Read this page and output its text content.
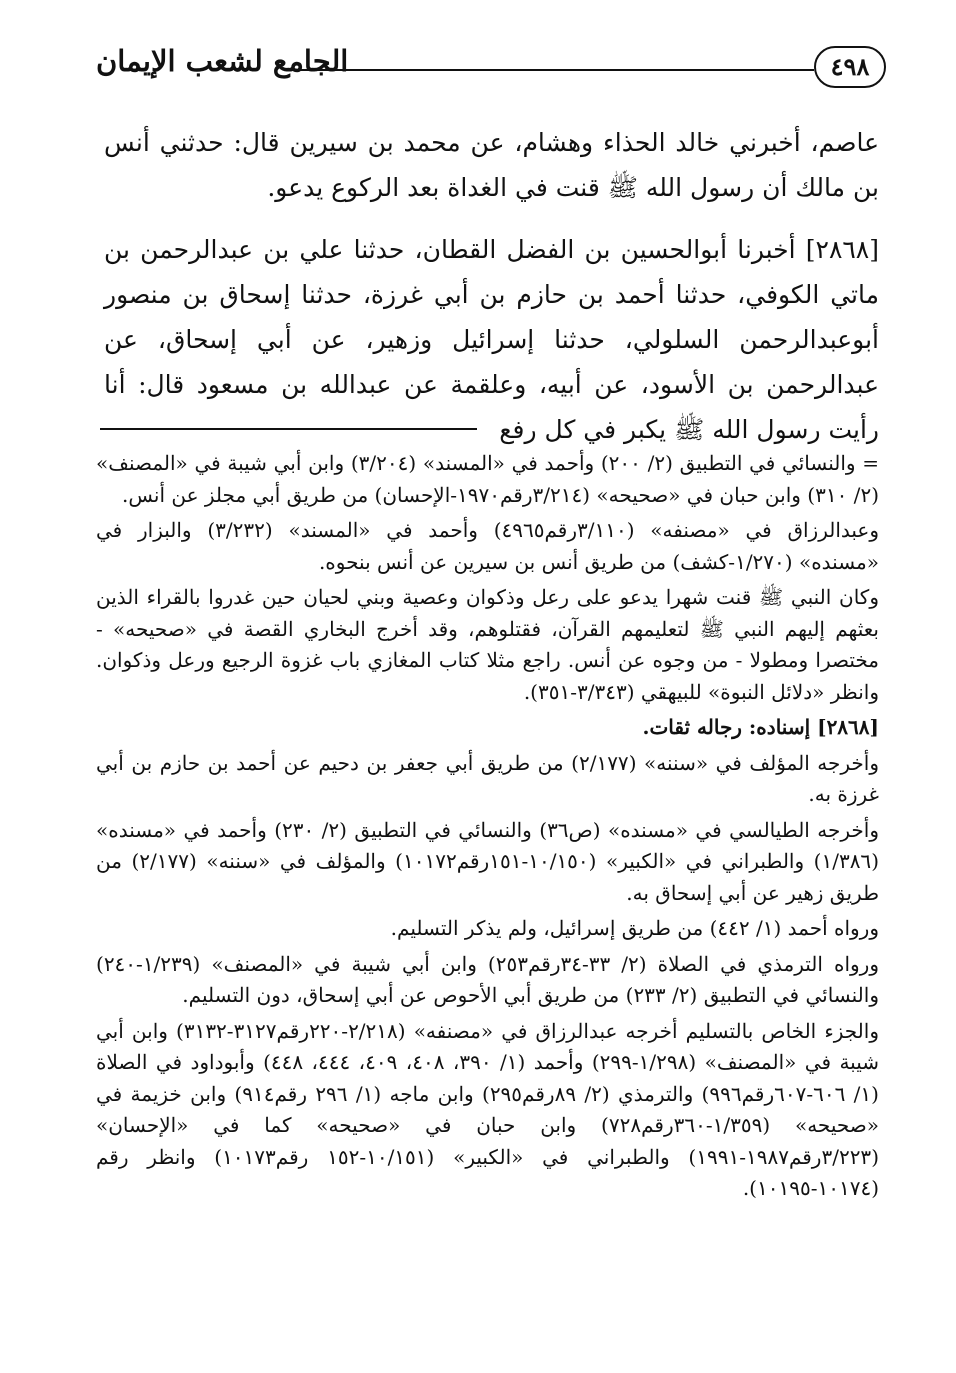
٤٩٨
الجامع لشعب الإيمان

عاصم، أخبرني خالد الحذاء وهشام، عن محمد بن سيرين قال: حدثني أنس بن مالك أن رسول الله ﷺ قنت في الغداة بعد الركوع يدعو.

[٢٨٦٨] أخبرنا أبوالحسين بن الفضل القطان، حدثنا علي بن عبدالرحمن بن ماتي الكوفي، حدثنا أحمد بن حازم بن أبي غرزة، حدثنا إسحاق بن منصور أبوعبدالرحمن السلولي، حدثنا إسرائيل وزهير، عن أبي إسحاق، عن عبدالرحمن بن الأسود، عن أبيه، وعلقمة عن عبدالله بن مسعود قال: أنا رأيت رسول الله ﷺ يكبر في كل رفع

= والنسائي في التطبيق (٢/ ٢٠٠) وأحمد في «المسند» (٣/٢٠٤) وابن أبي شيبة في «المصنف» (٢/ ٣١٠) وابن حبان في «صحيحه» (٣/٢١٤رقم١٩٧٠-الإحسان) من طريق أبي مجلز عن أنس.

وعبدالرزاق في «مصنفه» (٣/١١٠رقم٤٩٦٥) وأحمد في «المسند» (٣/٢٣٢) والبزار في «مسنده» (١/٢٧٠-كشف) من طريق أنس بن سيرين عن أنس بنحوه.

وكان النبي ﷺ قنت شهرا يدعو على رعل وذكوان وعصية وبني لحيان حين غدروا بالقراء الذين بعثهم إليهم النبي ﷺ لتعليمهم القرآن، فقتلوهم، وقد أخرج البخاري القصة في «صحيحه» - مختصرا ومطولا - من وجوه عن أنس. راجع مثلا كتاب المغازي باب غزوة الرجيع ورعل وذكوان. وانظر «دلائل النبوة» للبيهقي (٣/٣٤٣-٣٥١).

[٢٨٦٨] إسناده: رجاله ثقات.

وأخرجه المؤلف في «سننه» (٢/١٧٧) من طريق أبي جعفر بن دحيم عن أحمد بن حازم بن أبي غرزة به.

وأخرجه الطيالسي في «مسنده» (ص٣٦) والنسائي في التطبيق (٢/ ٢٣٠) وأحمد في «مسنده» (١/٣٨٦) والطبراني في «الكبير» (١٠/١٥٠-١٥١رقم١٠١٧٢) والمؤلف في «سننه» (٢/١٧٧) من طريق زهير عن أبي إسحاق به.

ورواه أحمد (١/ ٤٤٢) من طريق إسرائيل، ولم يذكر التسليم.

ورواه الترمذي في الصلاة (٢/ ٣٣-٣٤رقم٢٥٣) وابن أبي شيبة في «المصنف» (١/٢٣٩-٢٤٠) والنسائي في التطبيق (٢/ ٢٣٣) من طريق أبي الأحوص عن أبي إسحاق، دون التسليم.

والجزء الخاص بالتسليم أخرجه عبدالرزاق في «مصنفه» (٢/٢١٨-٢٢٠رقم٣١٢٧-٣١٣٢) وابن أبي شيبة في «المصنف» (١/٢٩٨-٢٩٩) وأحمد (١/ ٣٩٠، ٤٠٨، ٤٠٩، ٤٤٤، ٤٤٨) وأبوداود في الصلاة (١/ ٦٠٦-٦٠٧رقم٩٩٦) والترمذي (٢/ ٨٩رقم٢٩٥) وابن ماجه (١/ ٢٩٦ رقم٩١٤) وابن خزيمة في «صحيحه» (١/٣٥٩-٣٦٠رقم٧٢٨) وابن حبان في «صحيحه» كما في «الإحسان» (٣/٢٢٣رقم١٩٨٧-١٩٩١) والطبراني في «الكبير» (١٠/١٥١-١٥٢ رقم١٠١٧٣) وانظر رقم (١٠١٧٤-١٠١٩٥).
